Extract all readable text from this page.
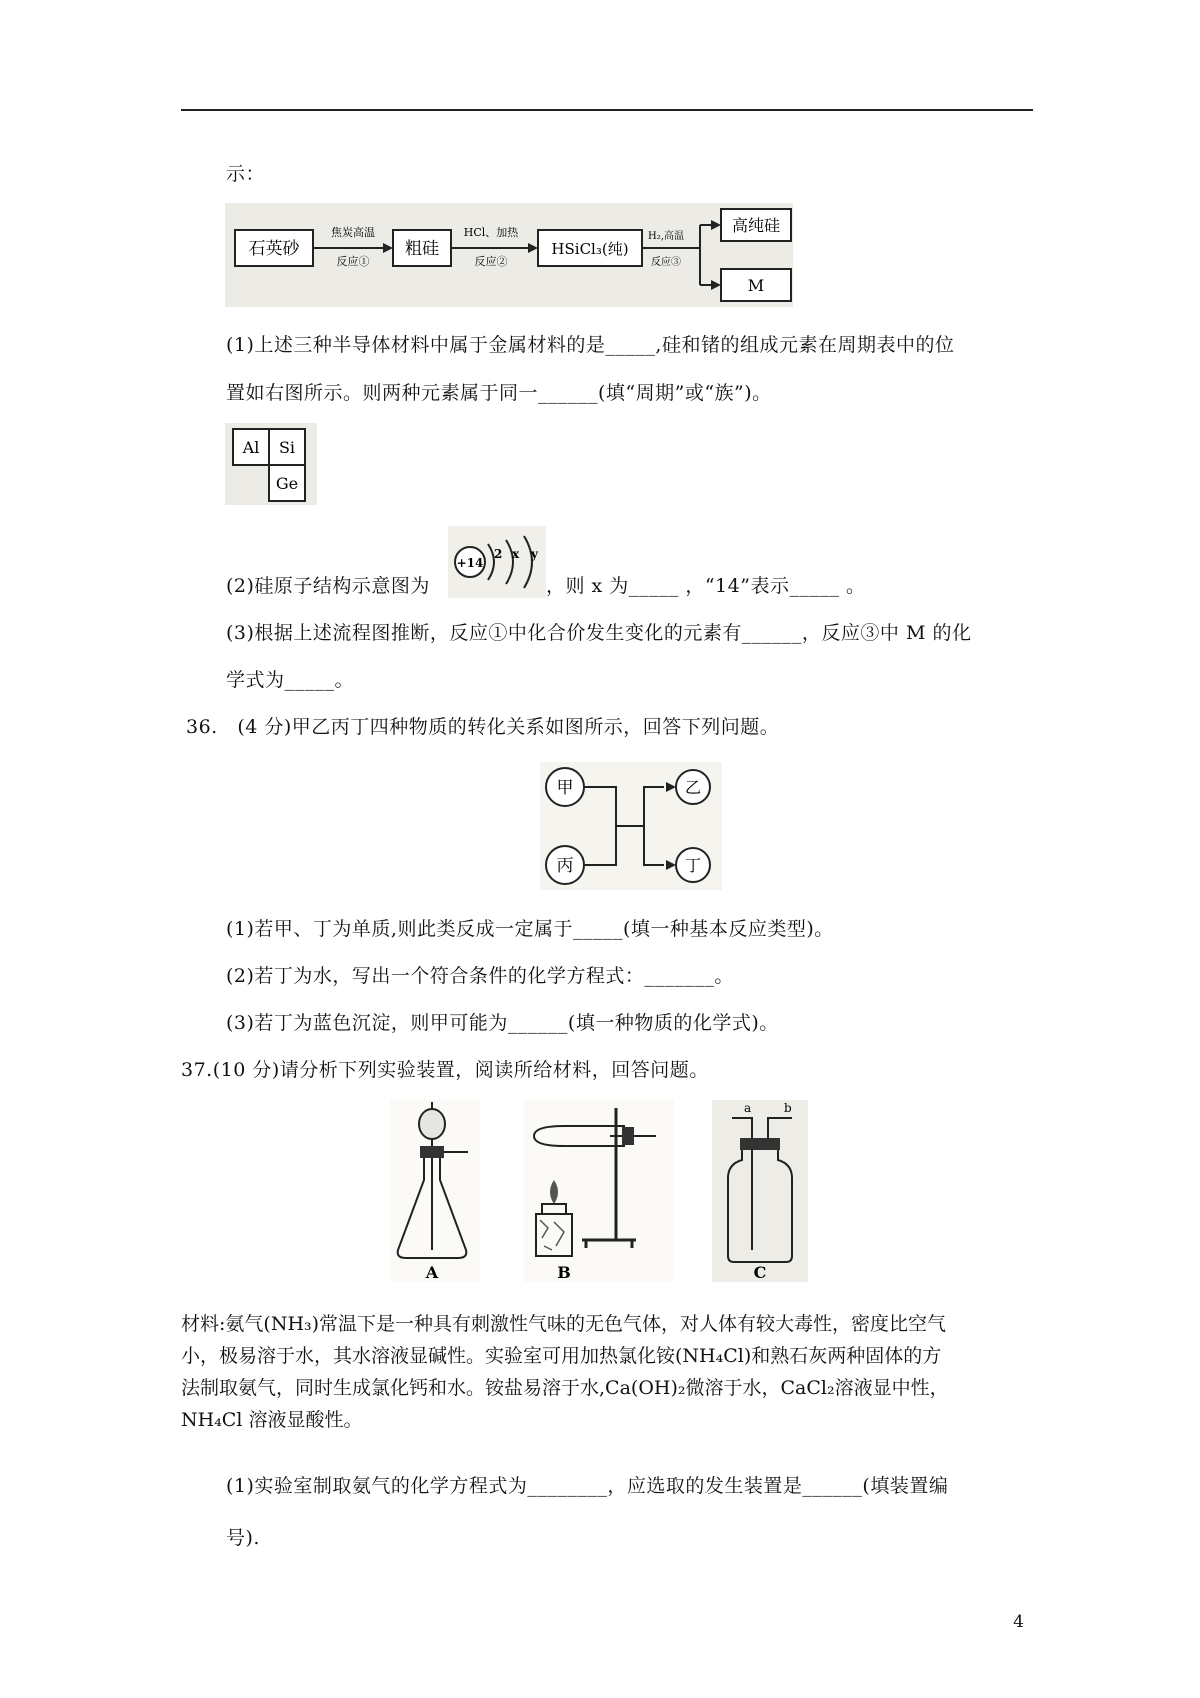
示：
石英砂
焦炭高温
反应①
粗硅
HCl、加热
反应②
HSiCl₃(纯)
H₂,高温
反应③
高纯硅
M
(1)上述三种半导体材料中属于金属材料的是_____,硅和锗的组成元素在周期表中的位
置如右图所示。则两种元素属于同一______(填“周期”或“族”)。
Al Si
Ge
(2)硅原子结构示意图为
+14
2 x y
，则 x 为_____ ，“14”表示_____ 。
(3)根据上述流程图推断，反应①中化合价发生变化的元素有______，反应③中 M 的化
学式为_____。
36.   (4 分)甲乙丙丁四种物质的转化关系如图所示，回答下列问题。
甲
丙
乙
丁
(1)若甲、丁为单质,则此类反成一定属于_____(填一种基本反应类型)。
(2)若丁为水，写出一个符合条件的化学方程式：_______。
(3)若丁为蓝色沉淀，则甲可能为______(填一种物质的化学式)。
37.(10 分)请分析下列实验装置，阅读所给材料，回答问题。
A	B
a	b
C
材料:氨气(NH₃)常温下是一种具有刺激性气味的无色气体，对人体有较大毒性，密度比空气
小，极易溶于水，其水溶液显碱性。实验室可用加热氯化铵(NH₄Cl)和熟石灰两种固体的方
法制取氨气，同时生成氯化钙和水。铵盐易溶于水,Ca(OH)₂微溶于水，CaCl₂溶液显中性，
NH₄Cl 溶液显酸性。
(1)实验室制取氨气的化学方程式为________，应选取的发生装置是______(填装置编
号).
4
